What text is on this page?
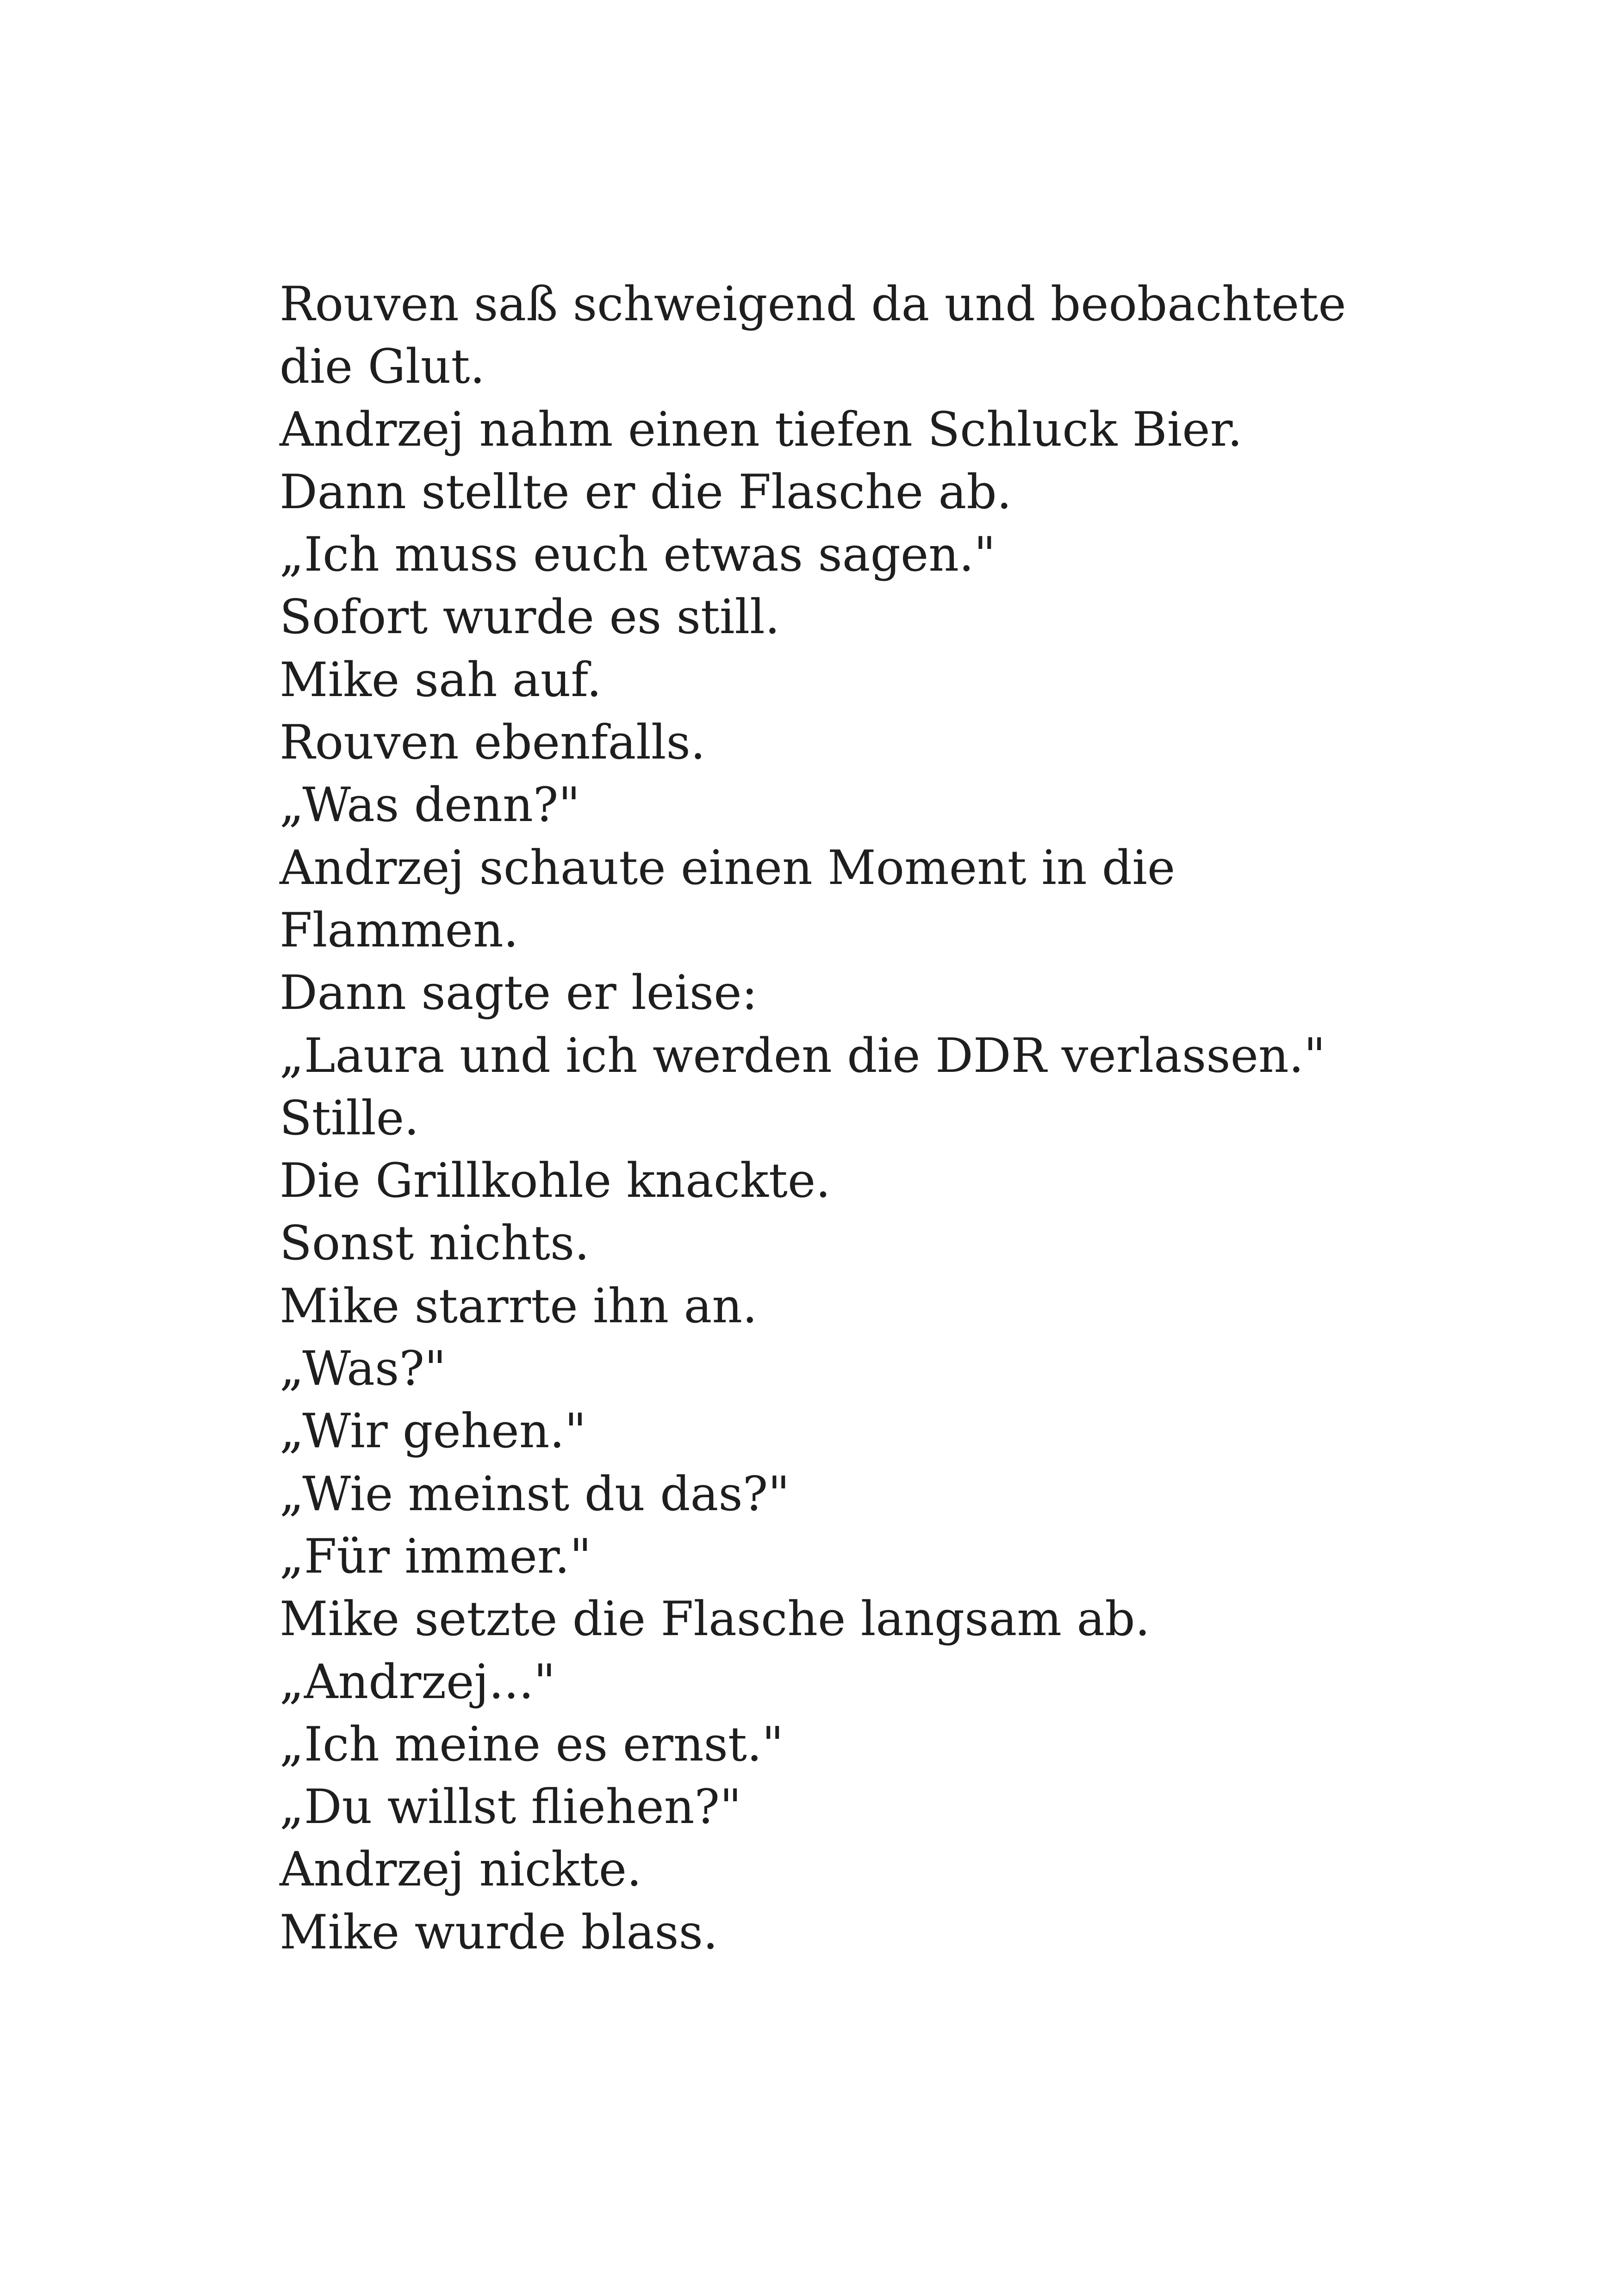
Rouven saß schweigend da und beobachtete

die Glut.

Andrzej nahm einen tiefen Schluck Bier.

Dann stellte er die Flasche ab.

„Ich muss euch etwas sagen."

Sofort wurde es still.

Mike sah auf.

Rouven ebenfalls.

„Was denn?"

Andrzej schaute einen Moment in die

Flammen.

Dann sagte er leise:

„Laura und ich werden die DDR verlassen."

Stille.

Die Grillkohle knackte.

Sonst nichts.

Mike starrte ihn an.

„Was?"

„Wir gehen."

„Wie meinst du das?"

„Für immer."

Mike setzte die Flasche langsam ab.

„Andrzej..."

„Ich meine es ernst."

„Du willst fliehen?"

Andrzej nickte.

Mike wurde blass.
